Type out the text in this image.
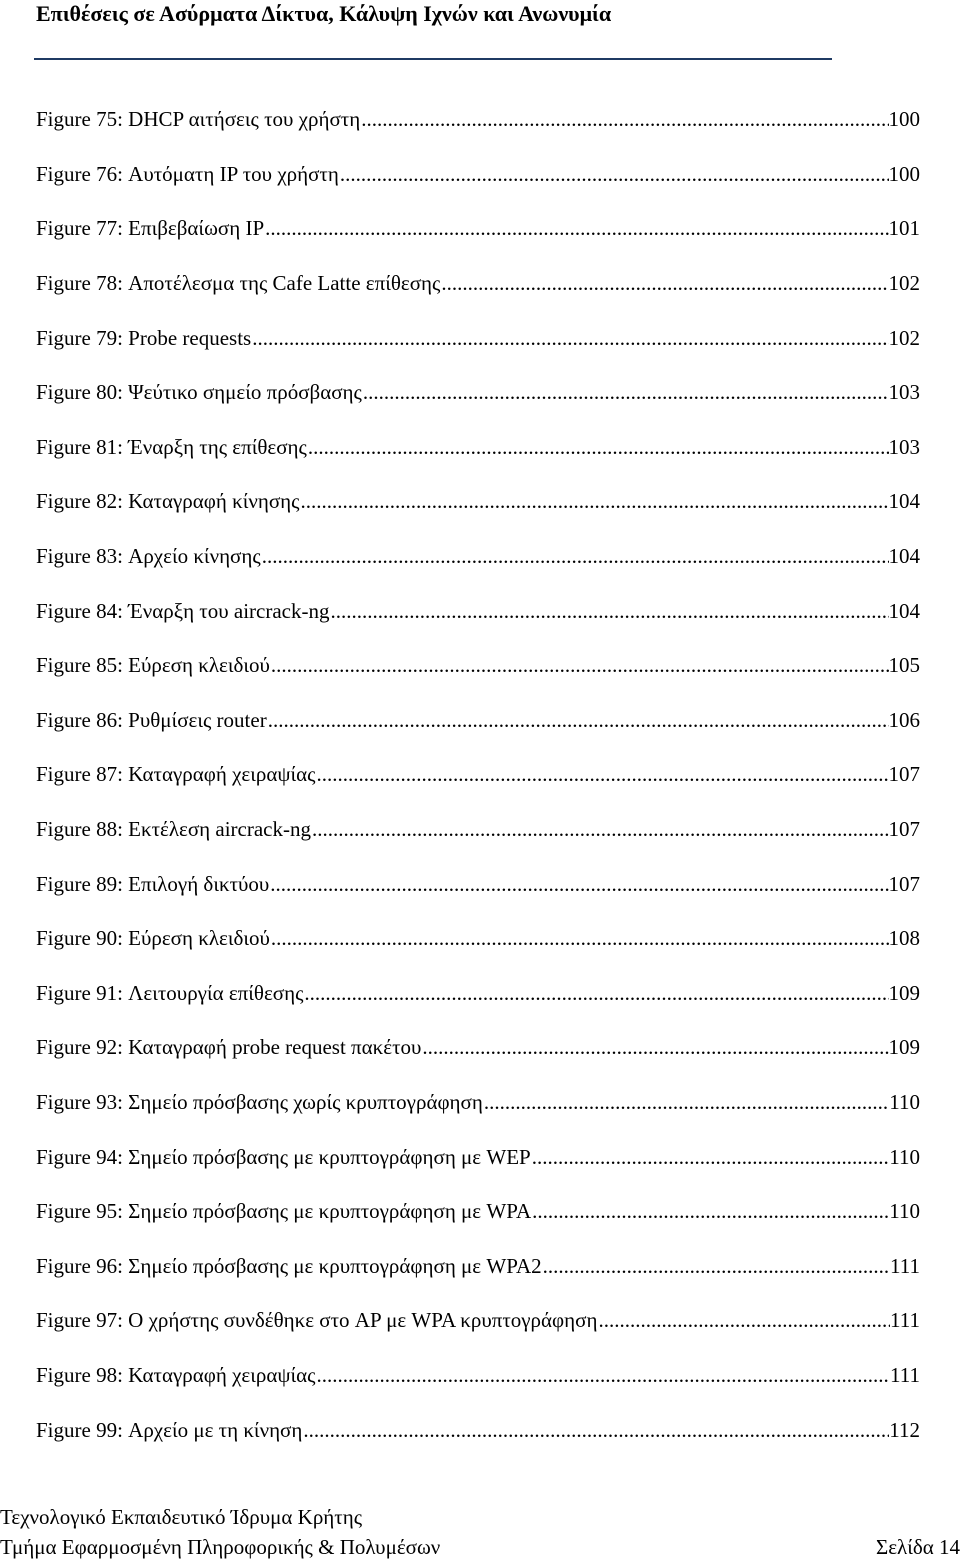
Επιθέσεις σε Ασύρματα Δίκτυα, Κάλυψη Ιχνών και Ανωνυμία
Figure 75: DHCP αιτήσεις του χρήστη .....	100
Figure 76: Αυτόματη IP του χρήστη .....	100
Figure 77: Επιβεβαίωση IP .....	101
Figure 78: Αποτέλεσμα της Cafe Latte επίθεσης .....	102
Figure 79: Probe requests .....	102
Figure 80: Ψεύτικο σημείο πρόσβασης .....	103
Figure 81: Έναρξη της επίθεσης .....	103
Figure 82: Καταγραφή κίνησης .....	104
Figure 83: Αρχείο κίνησης .....	104
Figure 84: Έναρξη του aircrack-ng .....	104
Figure 85: Εύρεση κλειδιού .....	105
Figure 86: Ρυθμίσεις router .....	106
Figure 87: Καταγραφή χειραψίας .....	107
Figure 88: Εκτέλεση aircrack-ng .....	107
Figure 89: Επιλογή δικτύου .....	107
Figure 90: Εύρεση κλειδιού .....	108
Figure 91: Λειτουργία επίθεσης .....	109
Figure 92: Καταγραφή probe request πακέτου .....	109
Figure 93: Σημείο πρόσβασης χωρίς κρυπτογράφηση .....	110
Figure 94: Σημείο πρόσβασης με κρυπτογράφηση με WEP .....	110
Figure 95: Σημείο πρόσβασης με κρυπτογράφηση με WPA .....	110
Figure 96: Σημείο πρόσβασης με κρυπτογράφηση με WPA2 .....	111
Figure 97: Ο χρήστης συνδέθηκε στο AP με WPA κρυπτογράφηση .....	111
Figure 98: Καταγραφή χειραψίας .....	111
Figure 99: Αρχείο με τη κίνηση .....	112
Τεχνολογικό Εκπαιδευτικό Ίδρυμα Κρήτης
Τμήμα Εφαρμοσμένη Πληροφορικής & Πολυμέσων	Σελίδα 14
